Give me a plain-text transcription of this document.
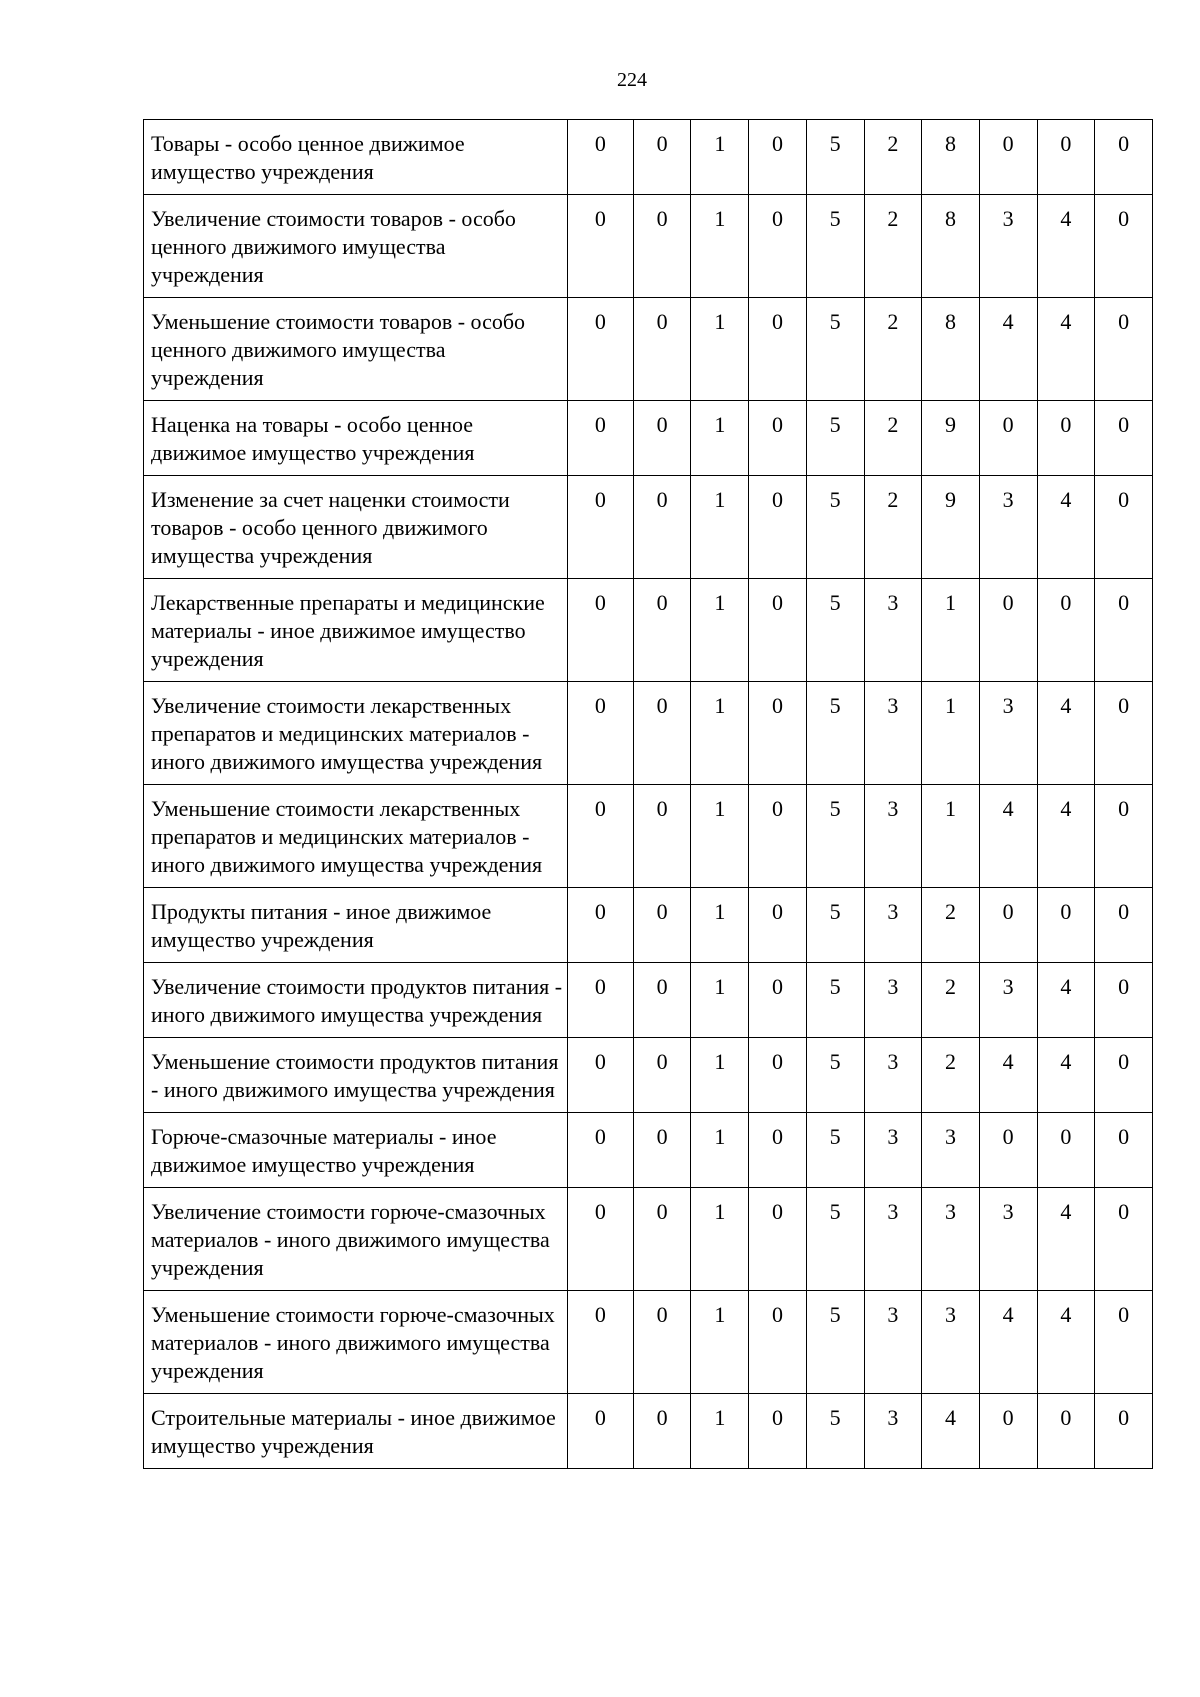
224
Товары - особо ценное движимое имущество учреждения	0	0	1	0	5	2	8	0	0	0
Увеличение стоимости товаров - особо ценного движимого имущества учреждения	0	0	1	0	5	2	8	3	4	0
Уменьшение стоимости товаров - особо ценного движимого имущества учреждения	0	0	1	0	5	2	8	4	4	0
Наценка на товары - особо ценное движимое имущество учреждения	0	0	1	0	5	2	9	0	0	0
Изменение за счет наценки стоимости товаров - особо ценного движимого имущества учреждения	0	0	1	0	5	2	9	3	4	0
Лекарственные препараты и медицинские материалы - иное движимое имущество учреждения	0	0	1	0	5	3	1	0	0	0
Увеличение стоимости лекарственных препаратов и медицинских материалов - иного движимого имущества учреждения	0	0	1	0	5	3	1	3	4	0
Уменьшение стоимости лекарственных препаратов и медицинских материалов - иного движимого имущества учреждения	0	0	1	0	5	3	1	4	4	0
Продукты питания - иное движимое имущество учреждения	0	0	1	0	5	3	2	0	0	0
Увеличение стоимости продуктов питания - иного движимого имущества учреждения	0	0	1	0	5	3	2	3	4	0
Уменьшение стоимости продуктов питания - иного движимого имущества учреждения	0	0	1	0	5	3	2	4	4	0
Горюче-смазочные материалы - иное движимое имущество учреждения	0	0	1	0	5	3	3	0	0	0
Увеличение стоимости горюче-смазочных материалов - иного движимого имущества учреждения	0	0	1	0	5	3	3	3	4	0
Уменьшение стоимости горюче-смазочных материалов - иного движимого имущества учреждения	0	0	1	0	5	3	3	4	4	0
Строительные материалы - иное движимое имущество учреждения	0	0	1	0	5	3	4	0	0	0
